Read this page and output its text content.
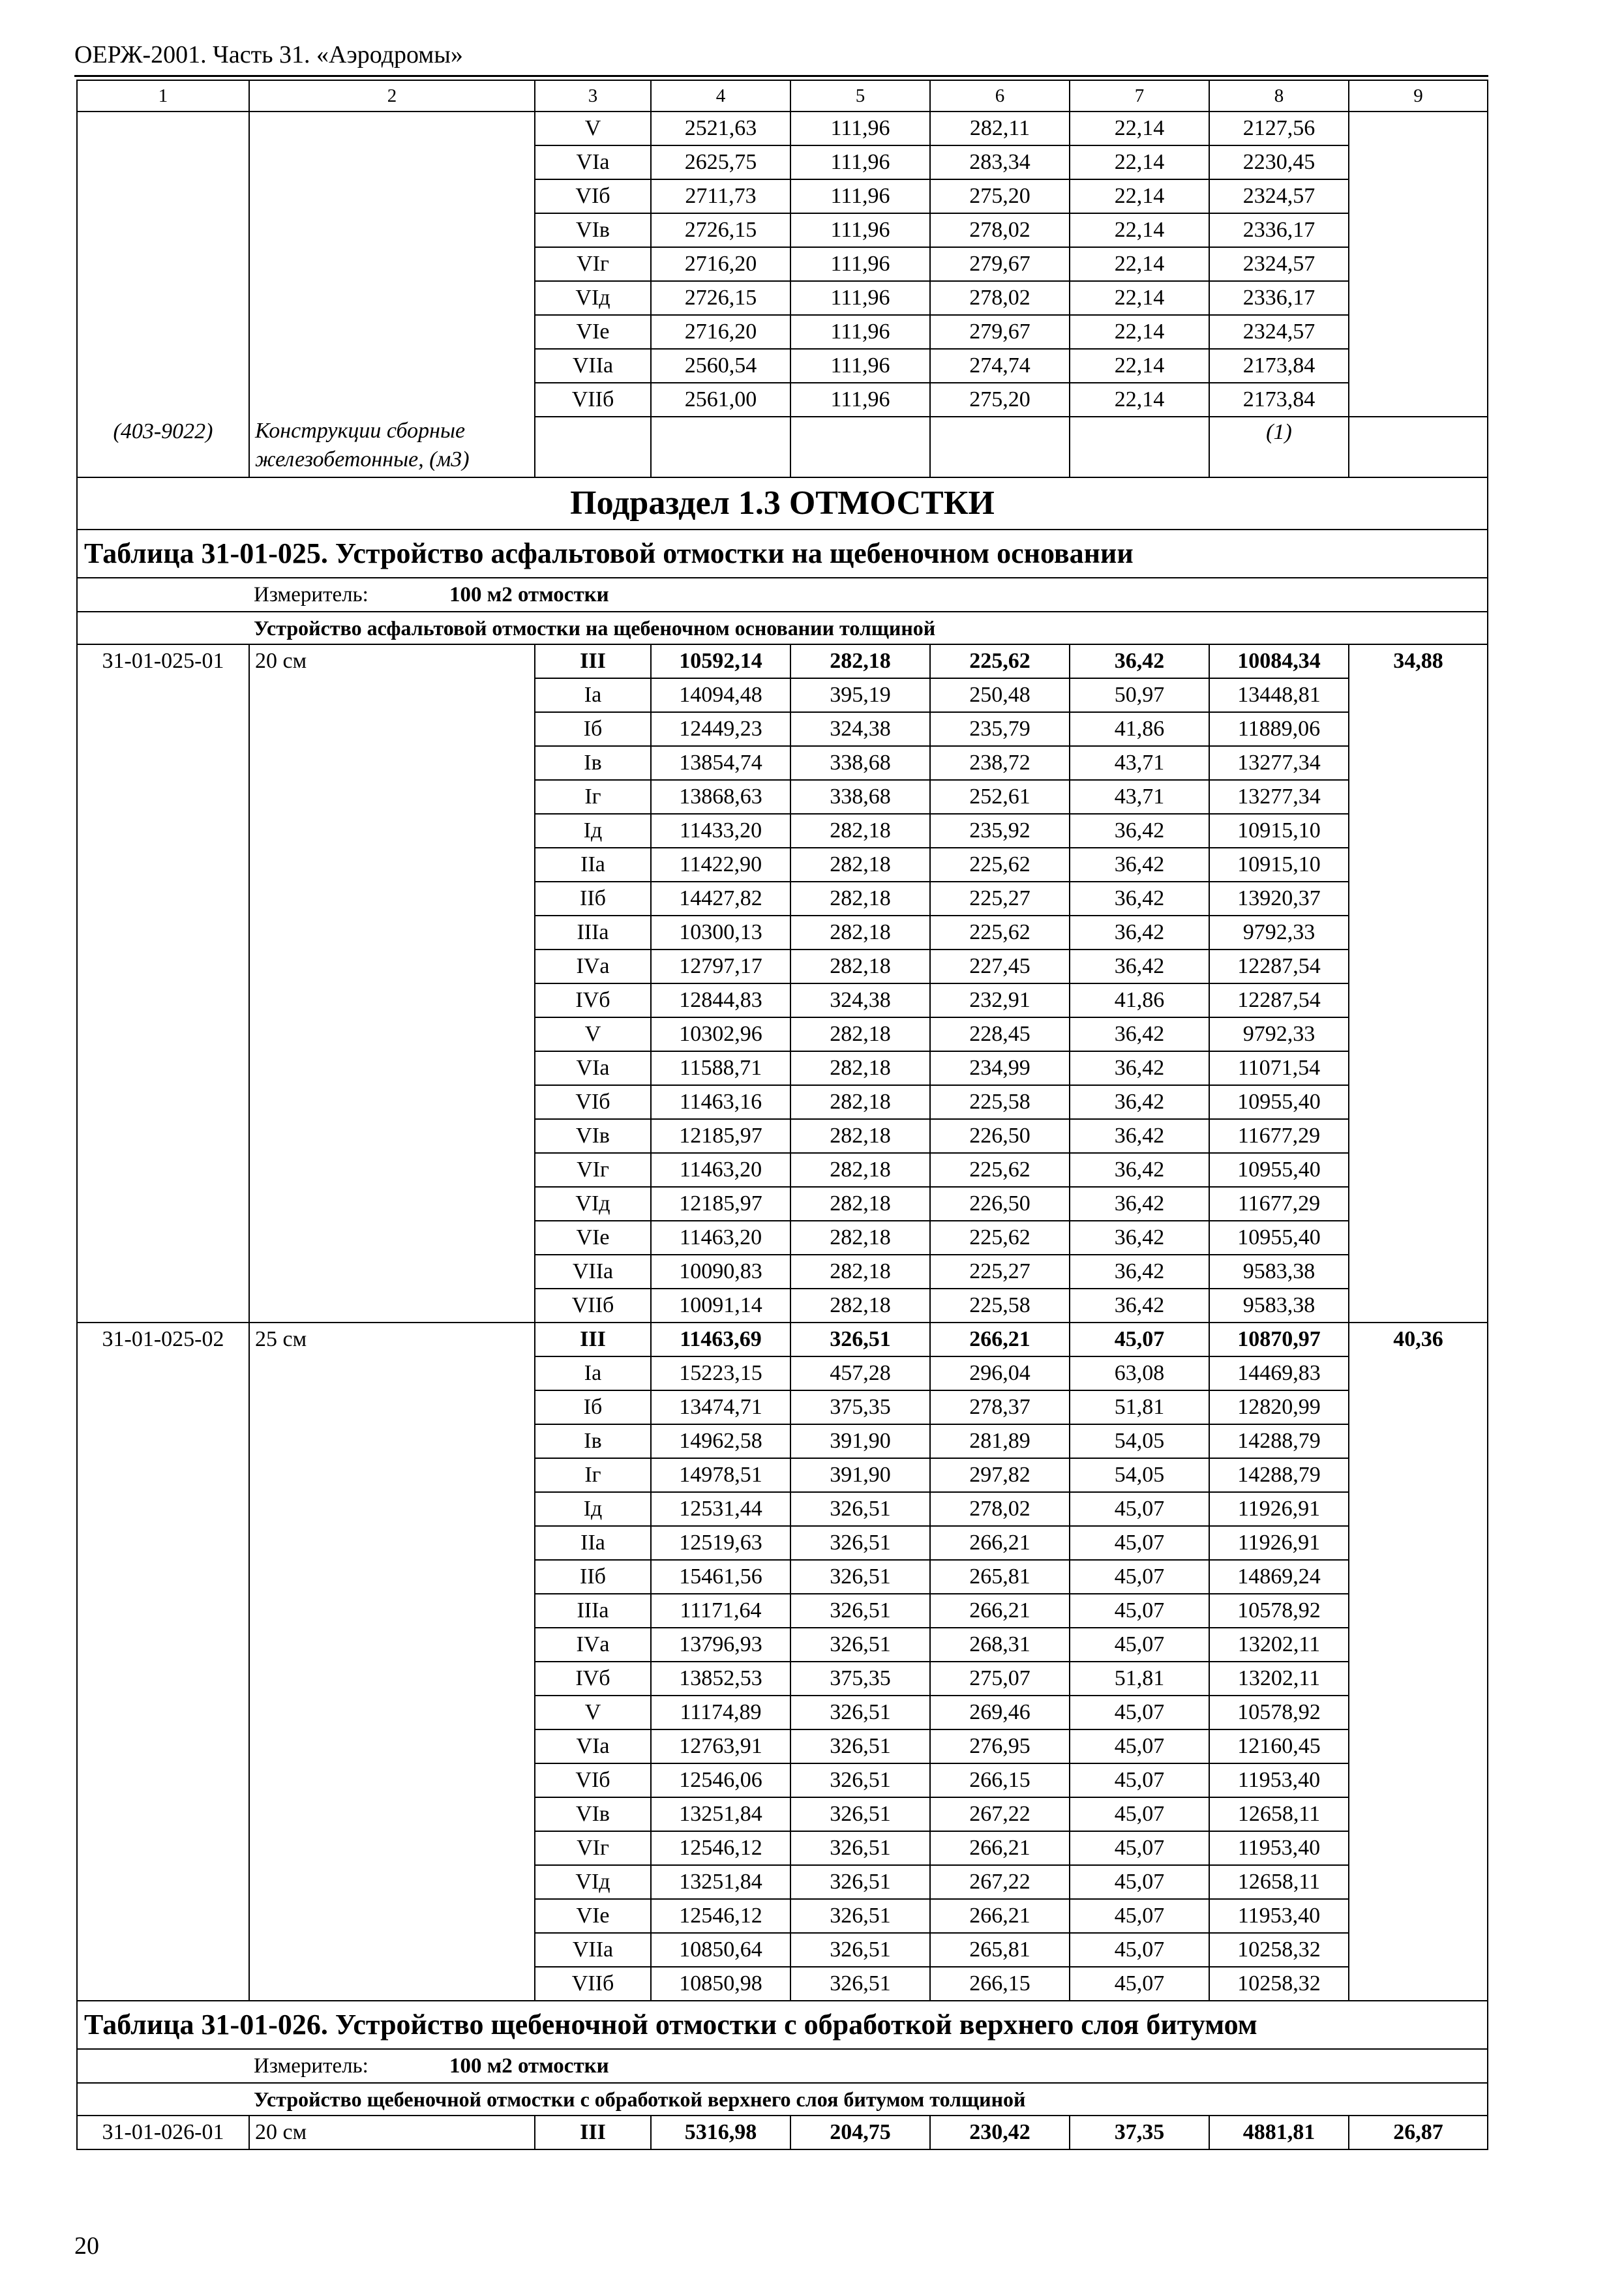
ОЕРЖ-2001. Часть 31. «Аэродромы»
1	2	3	4	5	6	7	8	9
		V	2521,63	111,96	282,11	22,14	2127,56	
		VIа	2625,75	111,96	283,34	22,14	2230,45	
		VIб	2711,73	111,96	275,20	22,14	2324,57	
		VIв	2726,15	111,96	278,02	22,14	2336,17	
		VIг	2716,20	111,96	279,67	22,14	2324,57	
		VIд	2726,15	111,96	278,02	22,14	2336,17	
		VIе	2716,20	111,96	279,67	22,14	2324,57	
		VIIа	2560,54	111,96	274,74	22,14	2173,84	
		VIIб	2561,00	111,96	275,20	22,14	2173,84	
(403-9022)	Конструкции сборные железобетонные, (м3)						(1)	
Подраздел 1.3 ОТМОСТКИ								
Таблица 31-01-025. Устройство асфальтовой отмостки на щебеночном основании								
Измеритель: 100 м2 отмостки								
Устройство асфальтовой отмостки на щебеночном основании толщиной								
31-01-025-01	20 см	III	10592,14	282,18	225,62	36,42	10084,34	34,88
		Iа	14094,48	395,19	250,48	50,97	13448,81	
		Iб	12449,23	324,38	235,79	41,86	11889,06	
		Iв	13854,74	338,68	238,72	43,71	13277,34	
		Iг	13868,63	338,68	252,61	43,71	13277,34	
		Iд	11433,20	282,18	235,92	36,42	10915,10	
		IIа	11422,90	282,18	225,62	36,42	10915,10	
		IIб	14427,82	282,18	225,27	36,42	13920,37	
		IIIа	10300,13	282,18	225,62	36,42	9792,33	
		IVа	12797,17	282,18	227,45	36,42	12287,54	
		IVб	12844,83	324,38	232,91	41,86	12287,54	
		V	10302,96	282,18	228,45	36,42	9792,33	
		VIа	11588,71	282,18	234,99	36,42	11071,54	
		VIб	11463,16	282,18	225,58	36,42	10955,40	
		VIв	12185,97	282,18	226,50	36,42	11677,29	
		VIг	11463,20	282,18	225,62	36,42	10955,40	
		VIд	12185,97	282,18	226,50	36,42	11677,29	
		VIе	11463,20	282,18	225,62	36,42	10955,40	
		VIIа	10090,83	282,18	225,27	36,42	9583,38	
		VIIб	10091,14	282,18	225,58	36,42	9583,38	
31-01-025-02	25 см	III	11463,69	326,51	266,21	45,07	10870,97	40,36
		Iа	15223,15	457,28	296,04	63,08	14469,83	
		Iб	13474,71	375,35	278,37	51,81	12820,99	
		Iв	14962,58	391,90	281,89	54,05	14288,79	
		Iг	14978,51	391,90	297,82	54,05	14288,79	
		Iд	12531,44	326,51	278,02	45,07	11926,91	
		IIа	12519,63	326,51	266,21	45,07	11926,91	
		IIб	15461,56	326,51	265,81	45,07	14869,24	
		IIIа	11171,64	326,51	266,21	45,07	10578,92	
		IVа	13796,93	326,51	268,31	45,07	13202,11	
		IVб	13852,53	375,35	275,07	51,81	13202,11	
		V	11174,89	326,51	269,46	45,07	10578,92	
		VIа	12763,91	326,51	276,95	45,07	12160,45	
		VIб	12546,06	326,51	266,15	45,07	11953,40	
		VIв	13251,84	326,51	267,22	45,07	12658,11	
		VIг	12546,12	326,51	266,21	45,07	11953,40	
		VIд	13251,84	326,51	267,22	45,07	12658,11	
		VIе	12546,12	326,51	266,21	45,07	11953,40	
		VIIа	10850,64	326,51	265,81	45,07	10258,32	
		VIIб	10850,98	326,51	266,15	45,07	10258,32	
Таблица 31-01-026. Устройство щебеночной отмостки с обработкой верхнего слоя битумом								
Измеритель: 100 м2 отмостки								
Устройство щебеночной отмостки с обработкой верхнего слоя битумом толщиной								
31-01-026-01	20 см	III	5316,98	204,75	230,42	37,35	4881,81	26,87
20
